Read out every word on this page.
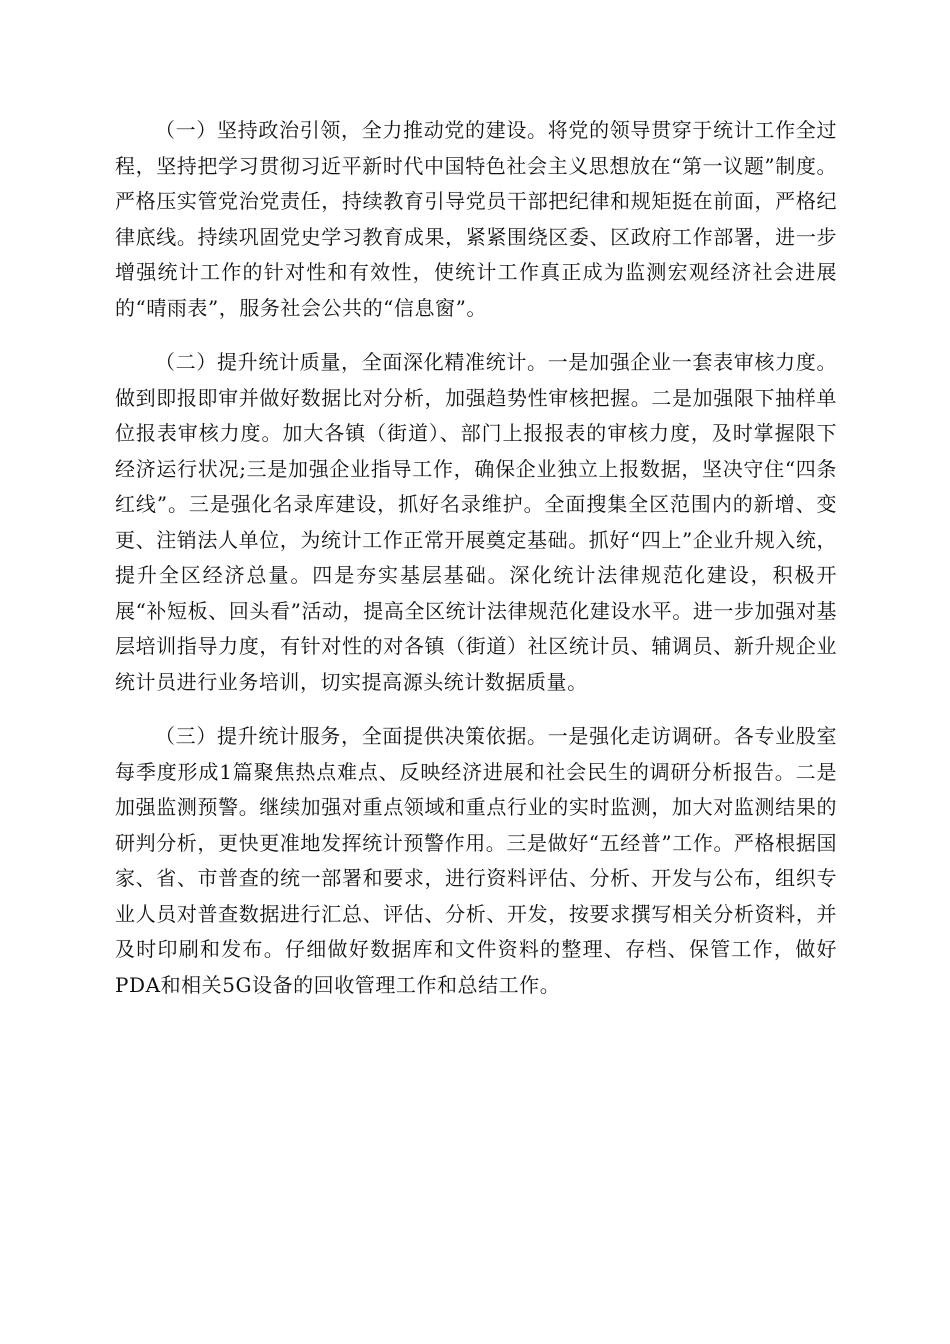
（一）坚持政治引领，全力推动党的建设。将党的领导贯穿于统计工作全过程，坚持把学习贯彻习近平新时代中国特色社会主义思想放在“第一议题”制度。严格压实管党治党责任，持续教育引导党员干部把纪律和规矩挺在前面，严格纪律底线。持续巩固党史学习教育成果，紧紧围绕区委、区政府工作部署，进一步增强统计工作的针对性和有效性，使统计工作真正成为监测宏观经济社会进展的“晴雨表”，服务社会公共的“信息窗”。

（二）提升统计质量，全面深化精准统计。一是加强企业一套表审核力度。做到即报即审并做好数据比对分析，加强趋势性审核把握。二是加强限下抽样单位报表审核力度。加大各镇（街道）、部门上报报表的审核力度，及时掌握限下经济运行状况;三是加强企业指导工作，确保企业独立上报数据，坚决守住“四条红线”。三是强化名录库建设，抓好名录维护。全面搜集全区范围内的新增、变更、注销法人单位，为统计工作正常开展奠定基础。抓好“四上”企业升规入统，提升全区经济总量。四是夯实基层基础。深化统计法律规范化建设，积极开展“补短板、回头看”活动，提高全区统计法律规范化建设水平。进一步加强对基层培训指导力度，有针对性的对各镇（街道）社区统计员、辅调员、新升规企业统计员进行业务培训，切实提高源头统计数据质量。

（三）提升统计服务，全面提供决策依据。一是强化走访调研。各专业股室每季度形成1篇聚焦热点难点、反映经济进展和社会民生的调研分析报告。二是加强监测预警。继续加强对重点领域和重点行业的实时监测，加大对监测结果的研判分析，更快更准地发挥统计预警作用。三是做好“五经普”工作。严格根据国家、省、市普查的统一部署和要求，进行资料评估、分析、开发与公布，组织专业人员对普查数据进行汇总、评估、分析、开发，按要求撰写相关分析资料，并及时印刷和发布。仔细做好数据库和文件资料的整理、存档、保管工作，做好PDA和相关5G设备的回收管理工作和总结工作。
